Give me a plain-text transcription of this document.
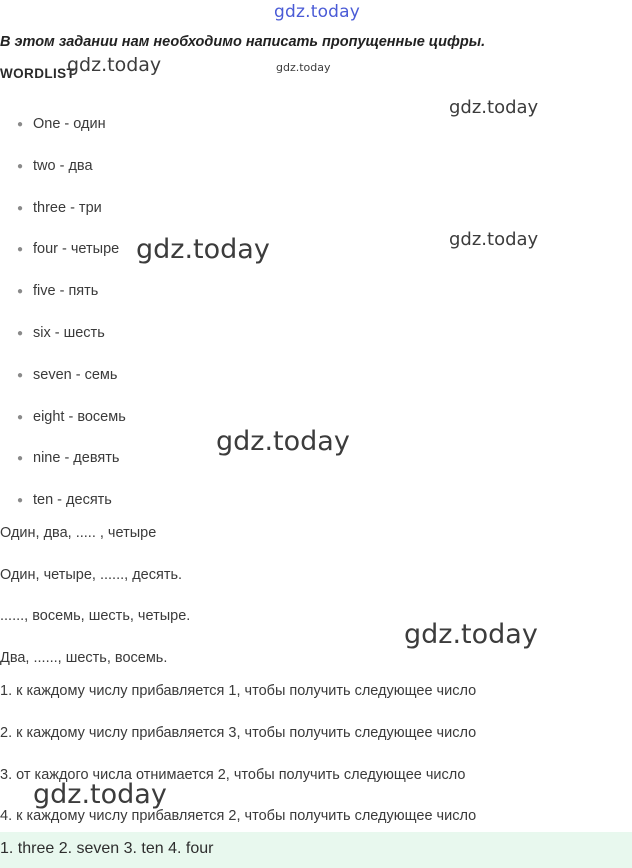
gdz.today
В этом задании нам необходимо написать пропущенные цифры.
WORDLIST
● One - один
● two - два
● three - три
● four - четыре
● five - пять
● six - шесть
● seven - семь
● eight - восемь
● nine - девять
● ten - десять
Один, два, ..... , четыре
Один, четыре, ......, десять.
......, восемь, шесть, четыре.
Два, ......, шесть, восемь.
1. к каждому числу прибавляется 1, чтобы получить следующее число
2. к каждому числу прибавляется 3, чтобы получить следующее число
3. от каждого числа отнимается 2, чтобы получить следующее число
4. к каждому числу прибавляется 2, чтобы получить следующее число
1. three 2. seven 3. ten 4. four
gdz.today	gdz.today
gdz.today
gdz.today	gdz.today
gdz.today
gdz.today
gdz.today
